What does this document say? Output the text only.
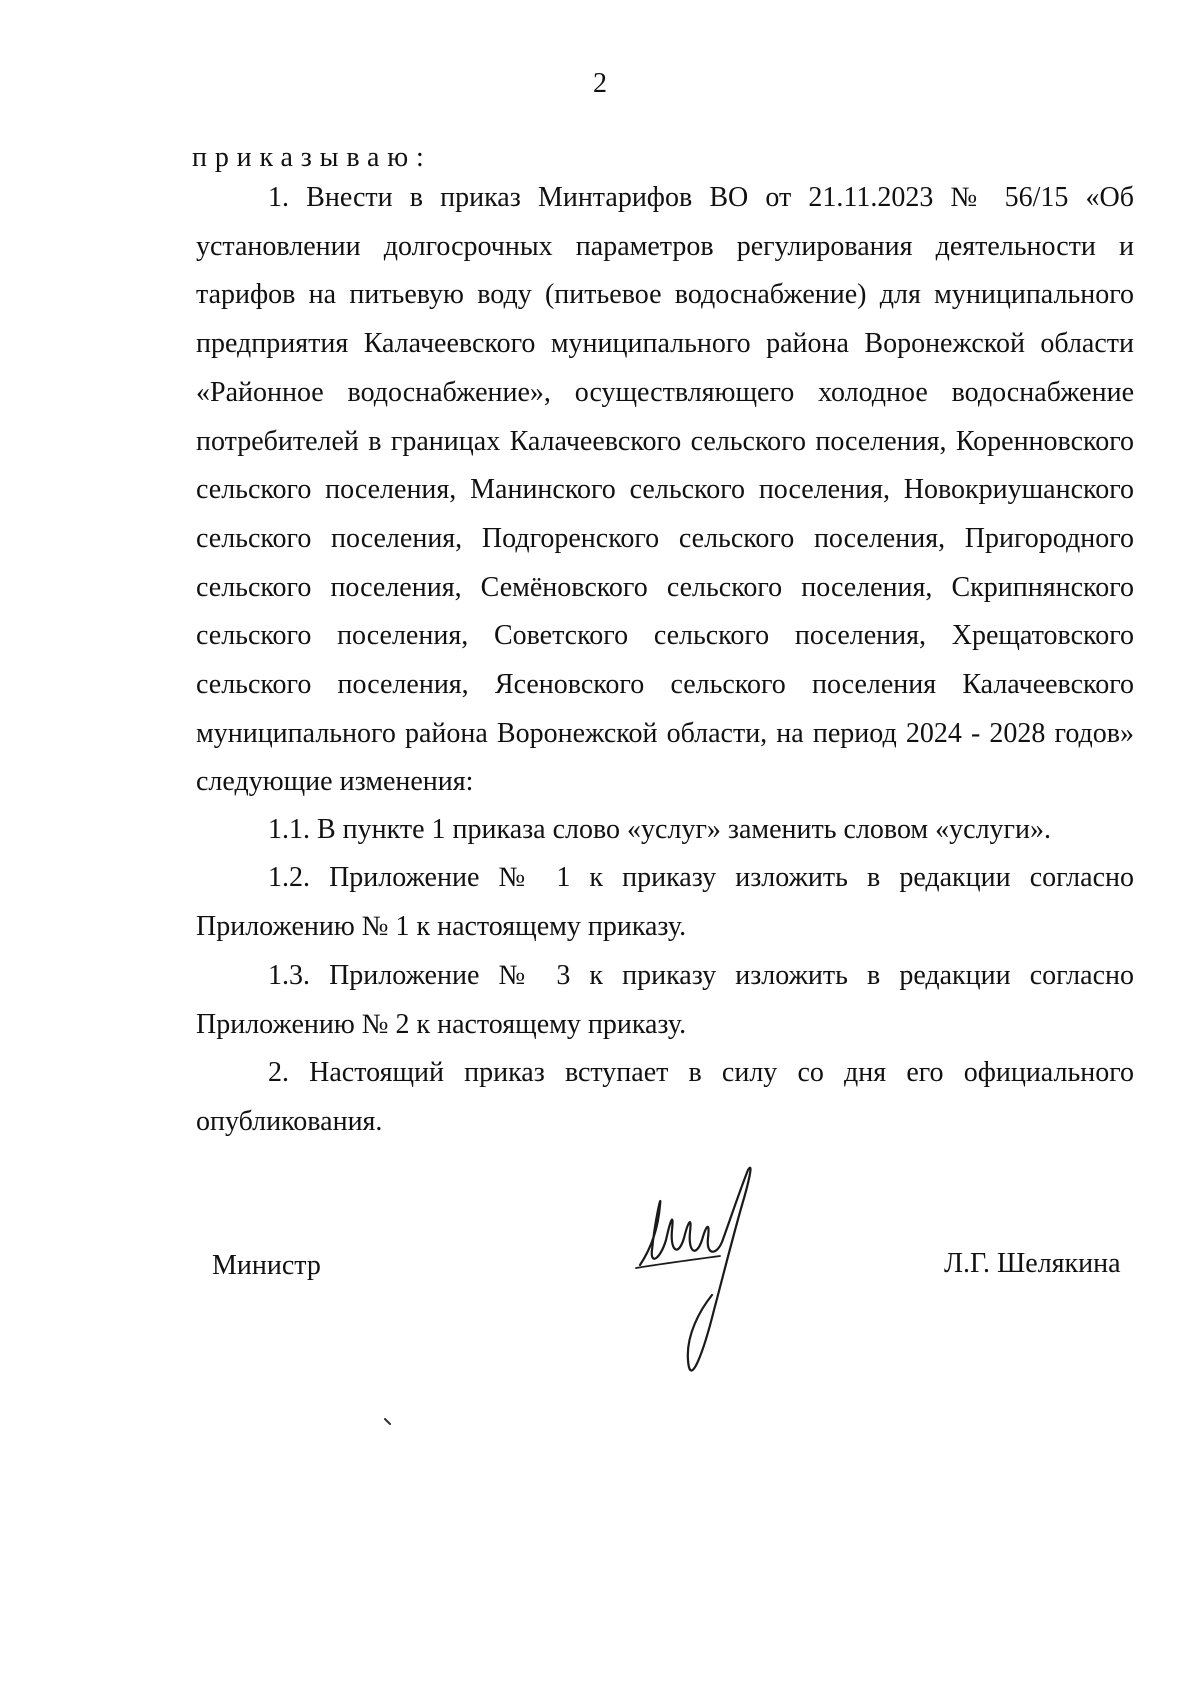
2
приказываю:

1. Внести в приказ Минтарифов ВО от 21.11.2023 № 56/15 «Об установлении долгосрочных параметров регулирования деятельности и тарифов на питьевую воду (питьевое водоснабжение) для муниципального предприятия Калачеевского муниципального района Воронежской области «Районное водоснабжение», осуществляющего холодное водоснабжение потребителей в границах Калачеевского сельского поселения, Коренновского сельского поселения, Манинского сельского поселения, Новокриушанского сельского поселения, Подгоренского сельского поселения, Пригородного сельского поселения, Семёновского сельского поселения, Скрипнянского сельского поселения, Советского сельского поселения, Хрещатовского сельского поселения, Ясеновского сельского поселения Калачеевского муниципального района Воронежской области, на период 2024 - 2028 годов» следующие изменения:

1.1. В пункте 1 приказа слово «услуг» заменить словом «услуги».

1.2. Приложение № 1 к приказу изложить в редакции согласно Приложению № 1 к настоящему приказу.

1.3. Приложение № 3 к приказу изложить в редакции согласно Приложению № 2 к настоящему приказу.

2. Настоящий приказ вступает в силу со дня его официального опубликования.

Министр	Л.Г. Шелякина
